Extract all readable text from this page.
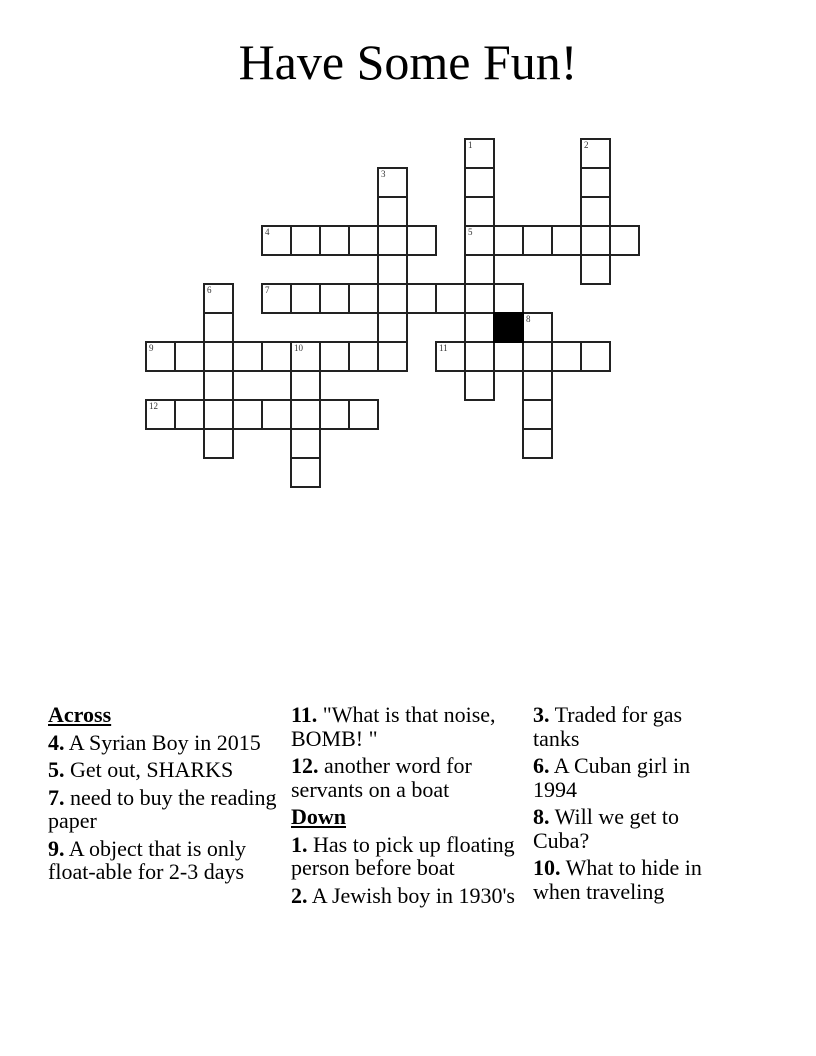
Have Some Fun!
1
5
2
3
4
6	7
8
9	10	11
12
Across
4. A Syrian Boy in 2015
5. Get out, SHARKS
7. need to buy the reading paper
9. A object that is only float-able for 2-3 days
11. "What is that noise, BOMB! "
12. another word for servants on a boat
Down
1. Has to pick up floating person before boat
2. A Jewish boy in 1930's
3. Traded for gas tanks
6. A Cuban girl in 1994
8. Will we get to Cuba?
10. What to hide in when traveling
